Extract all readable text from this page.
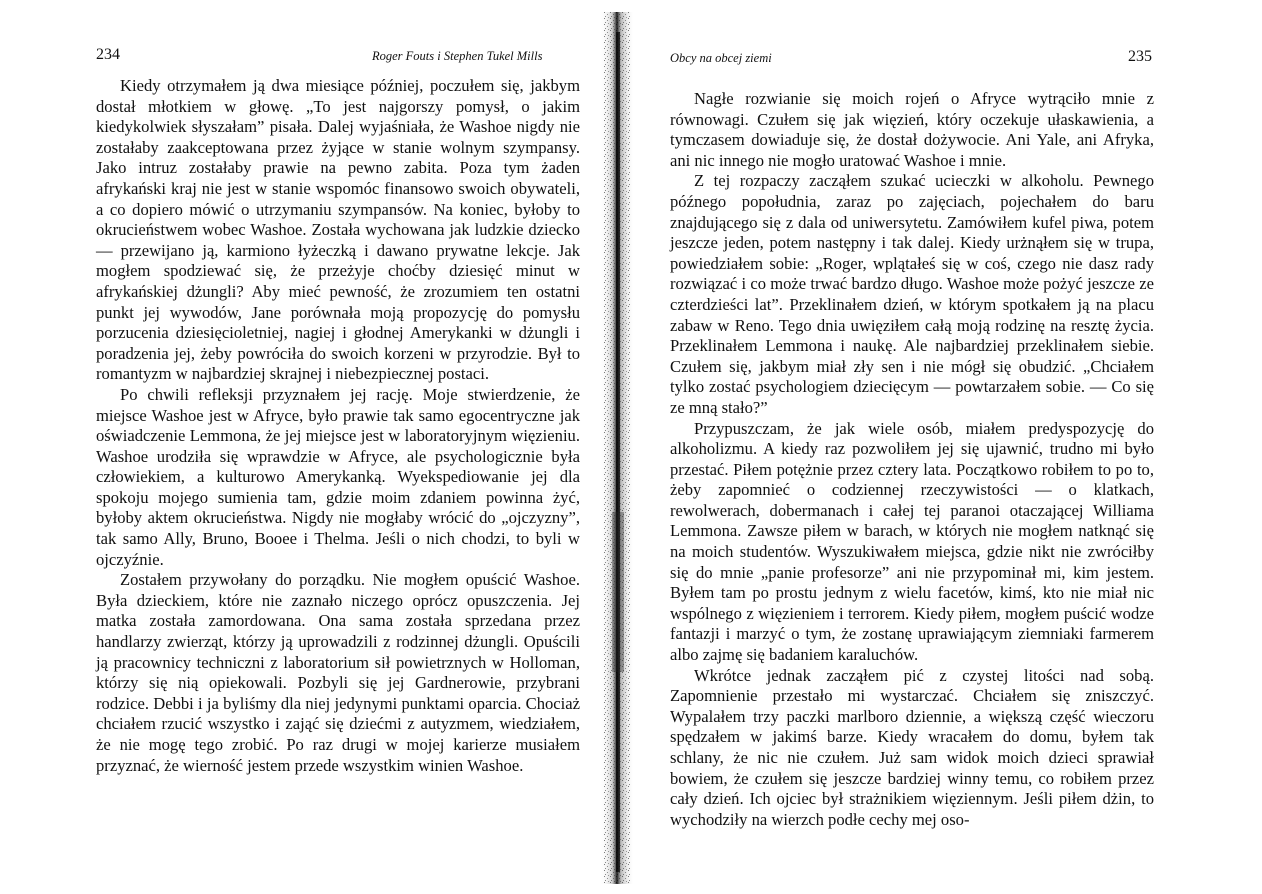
234	Roger Fouts i Stephen Tukel Mills

Kiedy otrzymałem ją dwa miesiące później, poczułem się, jakbym dostał młotkiem w głowę. „To jest najgorszy pomysł, o jakim kiedykolwiek słyszałam” pisała. Dalej wyjaśniała, że Washoe nigdy nie zostałaby zaakceptowana przez żyjące w stanie wolnym szympansy. Jako intruz zostałaby prawie na pewno zabita. Poza tym żaden afrykański kraj nie jest w stanie wspomóc finansowo swoich obywateli, a co dopiero mówić o utrzymaniu szympansów. Na koniec, byłoby to okrucieństwem wobec Washoe. Została wychowana jak ludzkie dziecko — przewijano ją, karmiono łyżeczką i dawano prywatne lekcje. Jak mogłem spodziewać się, że przeżyje choćby dziesięć minut w afrykańskiej dżungli? Aby mieć pewność, że zrozumiem ten ostatni punkt jej wywodów, Jane porównała moją propozycję do pomysłu porzucenia dziesięcioletniej, nagiej i głodnej Amerykanki w dżungli i poradzenia jej, żeby powróciła do swoich korzeni w przyrodzie. Był to romantyzm w najbardziej skrajnej i niebezpiecznej postaci.

Po chwili refleksji przyznałem jej rację. Moje stwierdzenie, że miejsce Washoe jest w Afryce, było prawie tak samo egocentryczne jak oświadczenie Lemmona, że jej miejsce jest w laboratoryjnym więzieniu. Washoe urodziła się wprawdzie w Afryce, ale psychologicznie była człowiekiem, a kulturowo Amerykanką. Wyekspediowanie jej dla spokoju mojego sumienia tam, gdzie moim zdaniem powinna żyć, byłoby aktem okrucieństwa. Nigdy nie mogłaby wrócić do „ojczyzny”, tak samo Ally, Bruno, Booee i Thelma. Jeśli o nich chodzi, to byli w ojczyźnie.

Zostałem przywołany do porządku. Nie mogłem opuścić Washoe. Była dzieckiem, które nie zaznało niczego oprócz opuszczenia. Jej matka została zamordowana. Ona sama została sprzedana przez handlarzy zwierząt, którzy ją uprowadzili z rodzinnej dżungli. Opuścili ją pracownicy techniczni z laboratorium sił powietrznych w Holloman, którzy się nią opiekowali. Pozbyli się jej Gardnerowie, przybrani rodzice. Debbi i ja byliśmy dla niej jedynymi punktami oparcia. Chociaż chciałem rzucić wszystko i zająć się dziećmi z autyzmem, wiedziałem, że nie mogę tego zrobić. Po raz drugi w mojej karierze musiałem przyznać, że wierność jestem przede wszystkim winien Washoe.

Obcy na obcej ziemi	235

Nagłe rozwianie się moich rojeń o Afryce wytrąciło mnie z równowagi. Czułem się jak więzień, który oczekuje ułaskawienia, a tymczasem dowiaduje się, że dostał dożywocie. Ani Yale, ani Afryka, ani nic innego nie mogło uratować Washoe i mnie.

Z tej rozpaczy zacząłem szukać ucieczki w alkoholu. Pewnego późnego popołudnia, zaraz po zajęciach, pojechałem do baru znajdującego się z dala od uniwersytetu. Zamówiłem kufel piwa, potem jeszcze jeden, potem następny i tak dalej. Kiedy urżnąłem się w trupa, powiedziałem sobie: „Roger, wplątałeś się w coś, czego nie dasz rady rozwiązać i co może trwać bardzo długo. Washoe może pożyć jeszcze ze czterdzieści lat”. Przeklinałem dzień, w którym spotkałem ją na placu zabaw w Reno. Tego dnia uwięziłem całą moją rodzinę na resztę życia. Przeklinałem Lemmona i naukę. Ale najbardziej przeklinałem siebie. Czułem się, jakbym miał zły sen i nie mógł się obudzić. „Chciałem tylko zostać psychologiem dziecięcym — powtarzałem sobie. — Co się ze mną stało?”

Przypuszczam, że jak wiele osób, miałem predyspozycję do alkoholizmu. A kiedy raz pozwoliłem jej się ujawnić, trudno mi było przestać. Piłem potężnie przez cztery lata. Początkowo robiłem to po to, żeby zapomnieć o codziennej rzeczywistości — o klatkach, rewolwerach, dobermanach i całej tej paranoi otaczającej Williama Lemmona. Zawsze piłem w barach, w których nie mogłem natknąć się na moich studentów. Wyszukiwałem miejsca, gdzie nikt nie zwróciłby się do mnie „panie profesorze” ani nie przypominał mi, kim jestem. Byłem tam po prostu jednym z wielu facetów, kimś, kto nie miał nic wspólnego z więzieniem i terrorem. Kiedy piłem, mogłem puścić wodze fantazji i marzyć o tym, że zostanę uprawiającym ziemniaki farmerem albo zajmę się badaniem karaluchów.

Wkrótce jednak zacząłem pić z czystej litości nad sobą. Zapomnienie przestało mi wystarczać. Chciałem się zniszczyć. Wypalałem trzy paczki marlboro dziennie, a większą część wieczoru spędzałem w jakimś barze. Kiedy wracałem do domu, byłem tak schlany, że nic nie czułem. Już sam widok moich dzieci sprawiał bowiem, że czułem się jeszcze bardziej winny temu, co robiłem przez cały dzień. Ich ojciec był strażnikiem więziennym. Jeśli piłem dżin, to wychodziły na wierzch podłe cechy mej oso-
